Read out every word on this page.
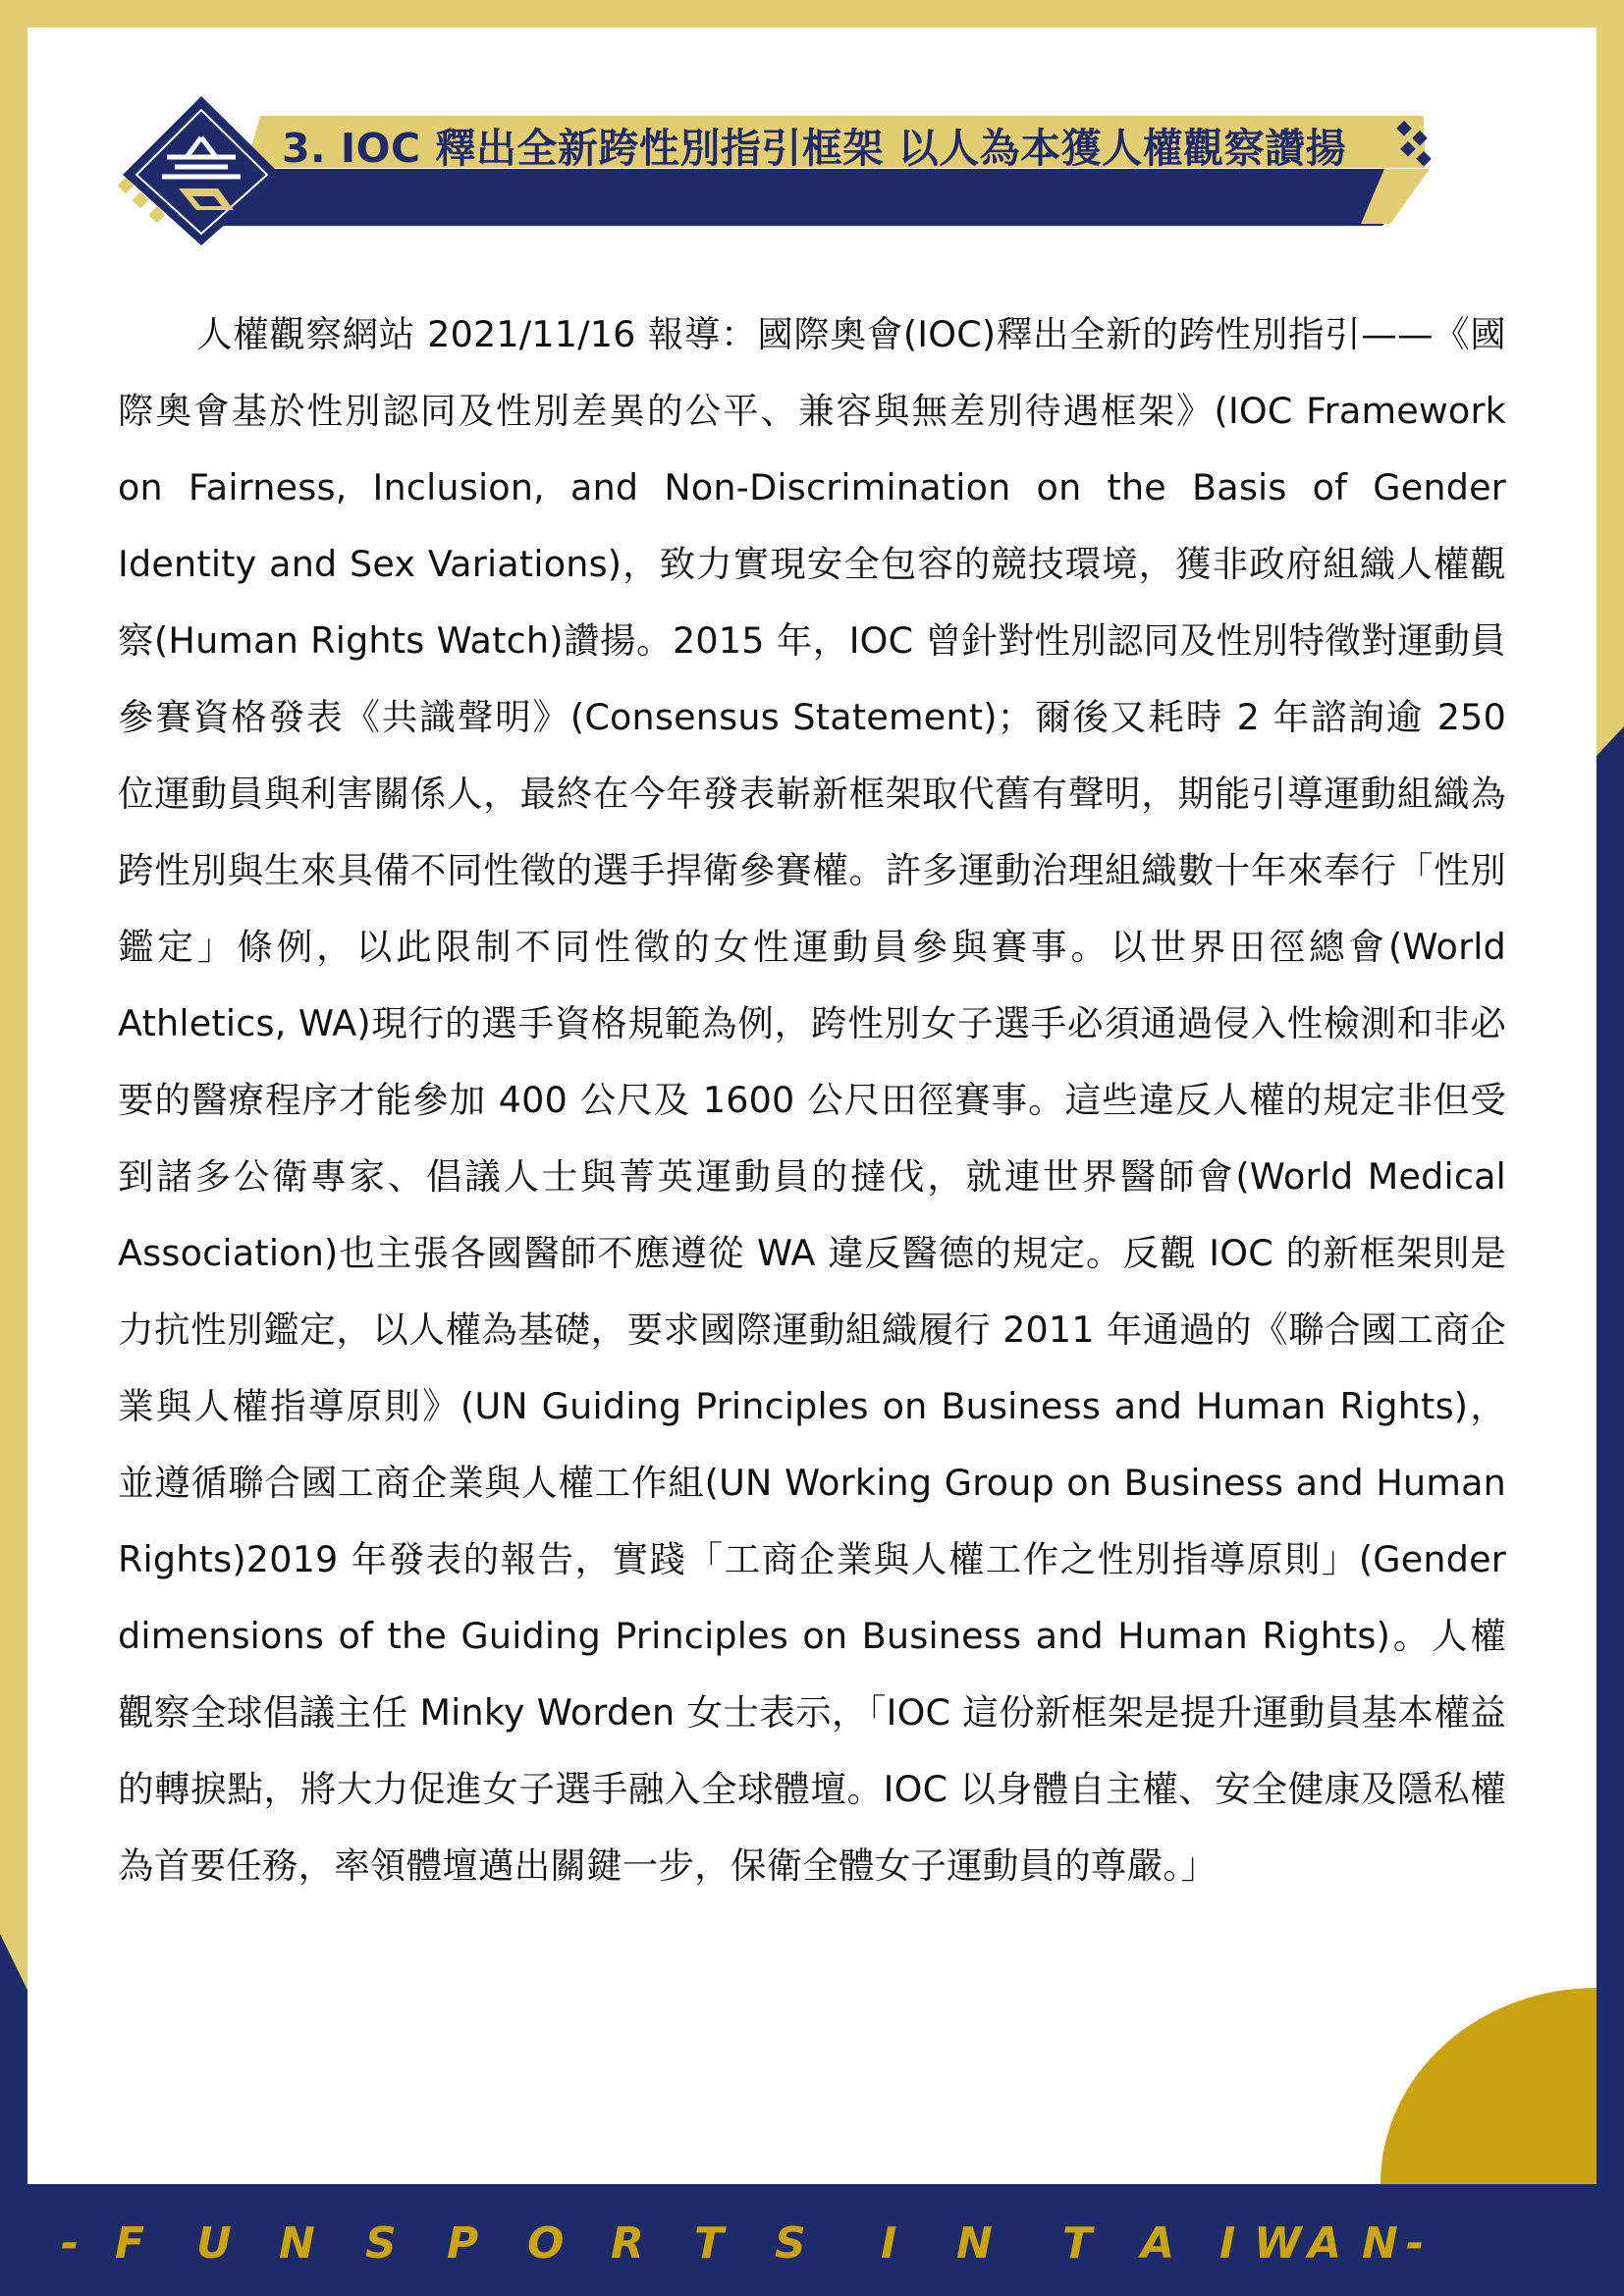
3. IOC 釋出全新跨性別指引框架 以人為本獲人權觀察讚揚

人權觀察網站 2021/11/16 報導：國際奧會(IOC)釋出全新的跨性別指引——《國際奧會基於性別認同及性別差異的公平、兼容與無差別待遇框架》(IOC Framework on Fairness, Inclusion, and Non-Discrimination on the Basis of Gender Identity and Sex Variations)，致力實現安全包容的競技環境，獲非政府組織人權觀察(Human Rights Watch)讚揚。2015 年，IOC 曾針對性別認同及性別特徵對運動員參賽資格發表《共識聲明》(Consensus Statement)；爾後又耗時 2 年諮詢逾 250 位運動員與利害關係人，最終在今年發表嶄新框架取代舊有聲明，期能引導運動組織為跨性別與生來具備不同性徵的選手捍衛參賽權。許多運動治理組織數十年來奉行「性別鑑定」條例，以此限制不同性徵的女性運動員參與賽事。以世界田徑總會(World Athletics, WA)現行的選手資格規範為例，跨性別女子選手必須通過侵入性檢測和非必要的醫療程序才能參加 400 公尺及 1600 公尺田徑賽事。這些違反人權的規定非但受到諸多公衛專家、倡議人士與菁英運動員的撻伐，就連世界醫師會(World Medical Association)也主張各國醫師不應遵從 WA 違反醫德的規定。反觀 IOC 的新框架則是力抗性別鑑定，以人權為基礎，要求國際運動組織履行 2011 年通過的《聯合國工商企業與人權指導原則》(UN Guiding Principles on Business and Human Rights)，並遵循聯合國工商企業與人權工作組(UN Working Group on Business and Human Rights)2019 年發表的報告，實踐「工商企業與人權工作之性別指導原則」(Gender dimensions of the Guiding Principles on Business and Human Rights)。人權觀察全球倡議主任 Minky Worden 女士表示，「IOC 這份新框架是提升運動員基本權益的轉捩點，將大力促進女子選手融入全球體壇。IOC 以身體自主權、安全健康及隱私權為首要任務，率領體壇邁出關鍵一步，保衛全體女子運動員的尊嚴。」

- F U N S P O R T S I N T A I W A N -
